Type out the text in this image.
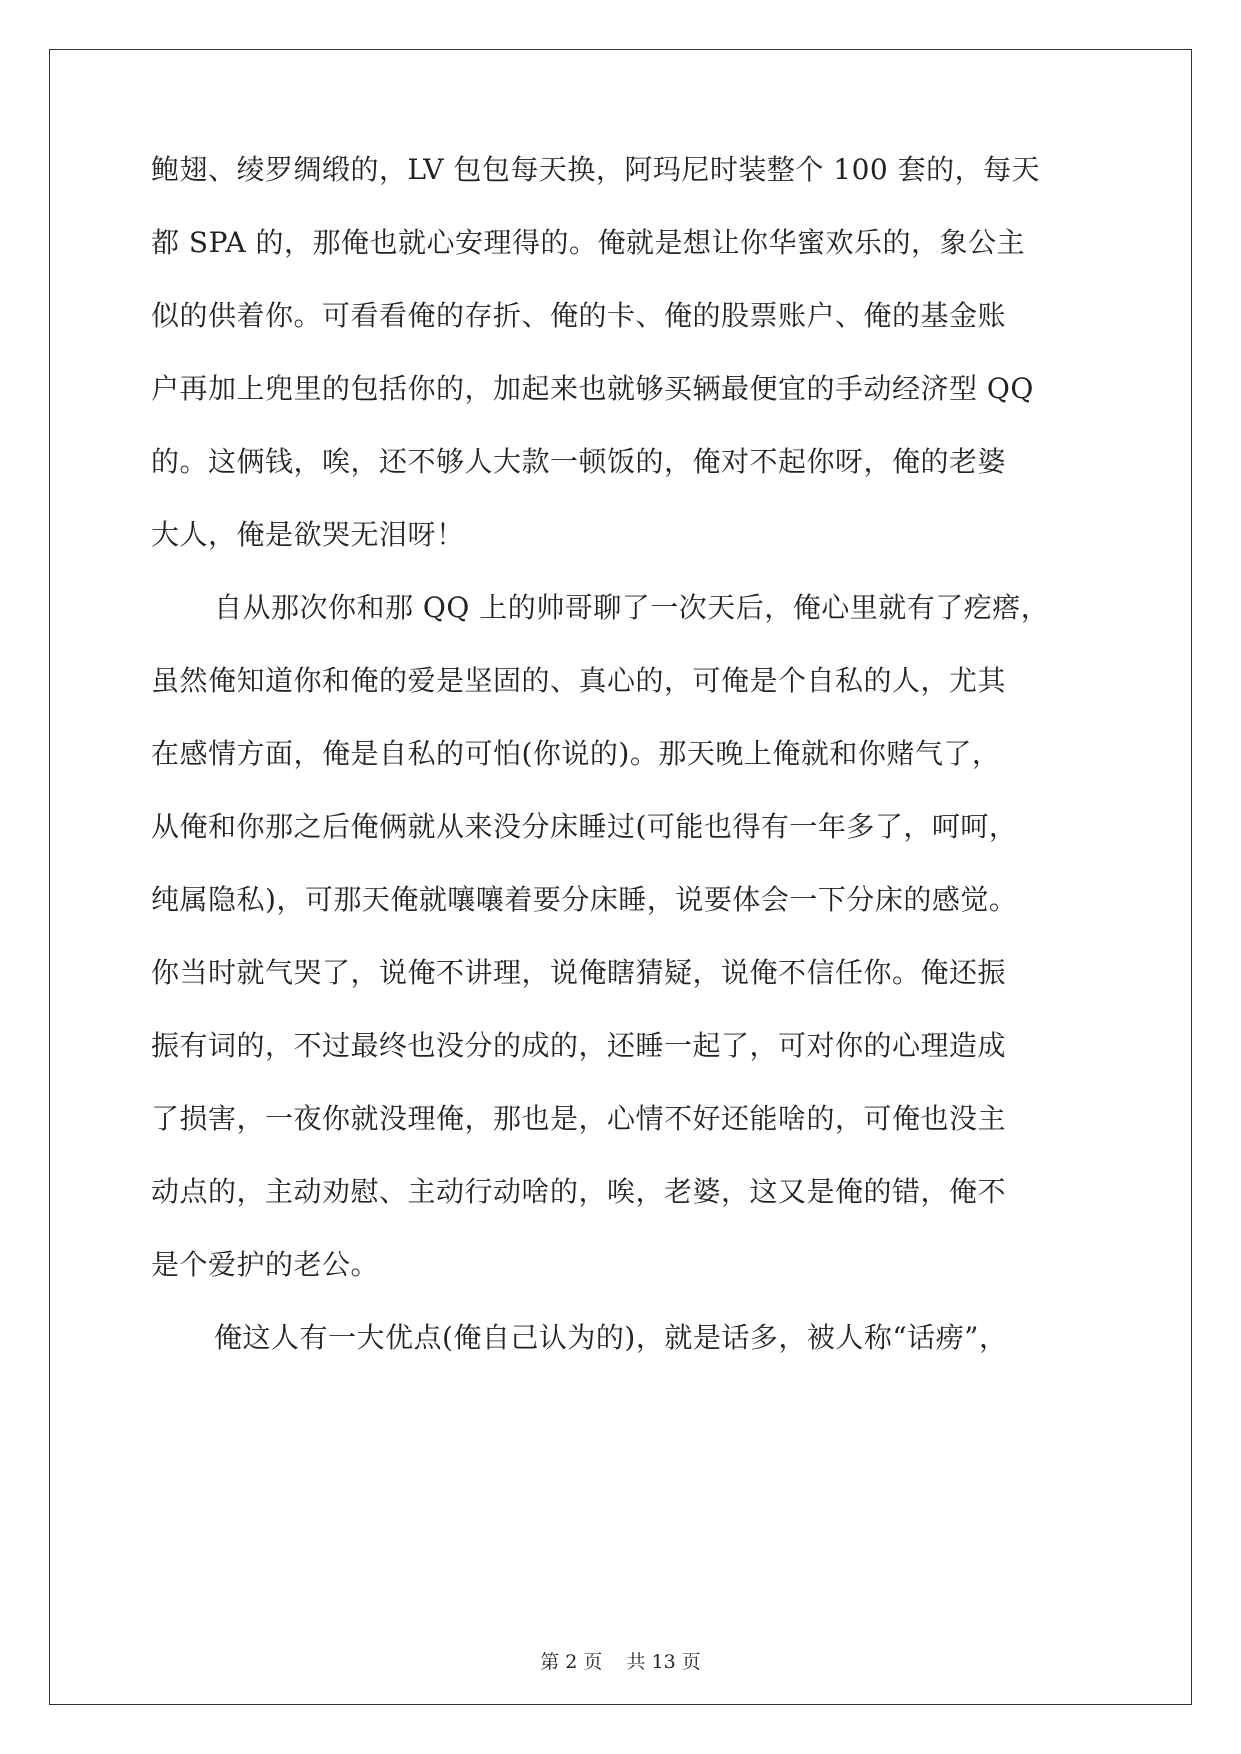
鲍翅、绫罗绸缎的，LV 包包每天换，阿玛尼时装整个 100 套的，每天
都 SPA 的，那俺也就心安理得的。俺就是想让你华蜜欢乐的，象公主
似的供着你。可看看俺的存折、俺的卡、俺的股票账户、俺的基金账
户再加上兜里的包括你的，加起来也就够买辆最便宜的手动经济型 QQ
的。这俩钱，唉，还不够人大款一顿饭的，俺对不起你呀，俺的老婆
大人，俺是欲哭无泪呀！
自从那次你和那 QQ 上的帅哥聊了一次天后，俺心里就有了疙瘩，
虽然俺知道你和俺的爱是坚固的、真心的，可俺是个自私的人，尤其
在感情方面，俺是自私的可怕(你说的)。那天晚上俺就和你赌气了，
从俺和你那之后俺俩就从来没分床睡过(可能也得有一年多了，呵呵，
纯属隐私)，可那天俺就嚷嚷着要分床睡，说要体会一下分床的感觉。
你当时就气哭了，说俺不讲理，说俺瞎猜疑，说俺不信任你。俺还振
振有词的，不过最终也没分的成的，还睡一起了，可对你的心理造成
了损害，一夜你就没理俺，那也是，心情不好还能啥的，可俺也没主
动点的，主动劝慰、主动行动啥的，唉，老婆，这又是俺的错，俺不
是个爱护的老公。
俺这人有一大优点(俺自己认为的)，就是话多，被人称“话痨”，
第 2 页 共 13 页
